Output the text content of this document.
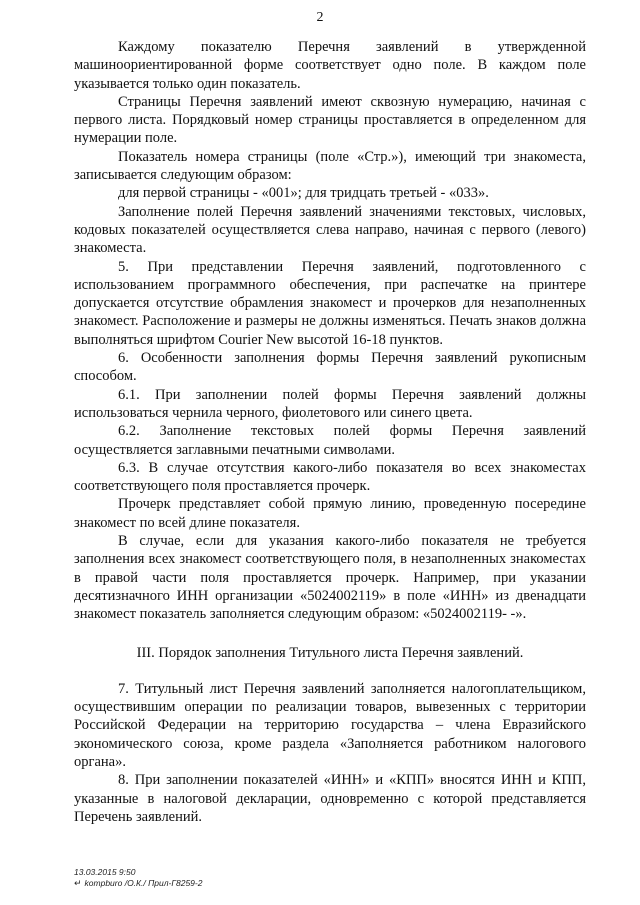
2

Каждому показателю Перечня заявлений в утвержденной машиноориентированной форме соответствует одно поле. В каждом поле указывается только один показатель.

Страницы Перечня заявлений имеют сквозную нумерацию, начиная с первого листа. Порядковый номер страницы проставляется в определенном для нумерации поле.

Показатель номера страницы (поле «Стр.»), имеющий три знакоместа, записывается следующим образом:

для первой страницы - «001»; для тридцать третьей - «033».

Заполнение полей Перечня заявлений значениями текстовых, числовых, кодовых показателей осуществляется слева направо, начиная с первого (левого) знакоместа.

5. При представлении Перечня заявлений, подготовленного с использованием программного обеспечения, при распечатке на принтере допускается отсутствие обрамления знакомест и прочерков для незаполненных знакомест. Расположение и размеры не должны изменяться. Печать знаков должна выполняться шрифтом Courier New высотой 16-18 пунктов.

6. Особенности заполнения формы Перечня заявлений рукописным способом.

6.1. При заполнении полей формы Перечня заявлений должны использоваться чернила черного, фиолетового или синего цвета.

6.2. Заполнение текстовых полей формы Перечня заявлений осуществляется заглавными печатными символами.

6.3. В случае отсутствия какого-либо показателя во всех знакоместах соответствующего поля проставляется прочерк.

Прочерк представляет собой прямую линию, проведенную посередине знакомест по всей длине показателя.

В случае, если для указания какого-либо показателя не требуется заполнения всех знакомест соответствующего поля, в незаполненных знакоместах в правой части поля проставляется прочерк. Например, при указании десятизначного ИНН организации «5024002119» в поле «ИНН» из двенадцати знакомест показатель заполняется следующим образом: «5024002119- -».

III. Порядок заполнения Титульного листа Перечня заявлений.

7. Титульный лист Перечня заявлений заполняется налогоплательщиком, осуществившим операции по реализации товаров, вывезенных с территории Российской Федерации на территорию государства – члена Евразийского экономического союза, кроме раздела «Заполняется работником налогового органа».

8. При заполнении показателей «ИНН» и «КПП» вносятся ИНН и КПП, указанные в налоговой декларации, одновременно с которой представляется Перечень заявлений.

13.03.2015 9:50
↵ kompburo /О.К./ Прил-Г8259-2
